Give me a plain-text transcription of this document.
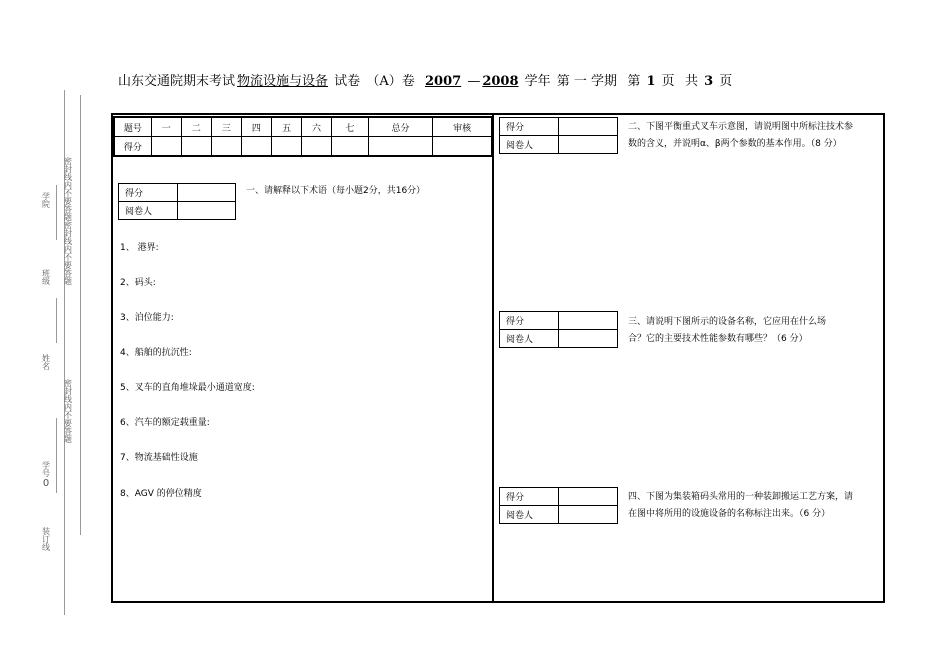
山东交通院期末考试 物流设施与设备 试卷 （A）卷 2007 — 2008 学年 第 一 学期 第 1 页 共 3 页
学院
班级
姓名
学号
0
装订线
密封线内不要答题密封线内不要答题
密封线内不要答题
题号	一	二	三	四	五	六	七	总分	审核
得分									
得分	
阅卷人	
一、请解释以下术语（每小题2分，共16分）
1、 港界:
2、码头:
3、泊位能力:
4、船舶的抗沉性:
5、叉车的直角堆垛最小通道宽度:
6、汽车的额定载重量:
7、物流基础性设施
8、AGV 的停位精度
得分	
阅卷人	
二、下图平衡重式叉车示意图，请说明图中所标注技术参
数的含义，并说明α、β两个参数的基本作用。（8 分）
得分	
阅卷人	
三、请说明下图所示的设备名称，它应用在什么场
合？它的主要技术性能参数有哪些？（6 分）
得分	
阅卷人	
四、下图为集装箱码头常用的一种装卸搬运工艺方案，请
在图中将所用的设施设备的名称标注出来。（6 分）
